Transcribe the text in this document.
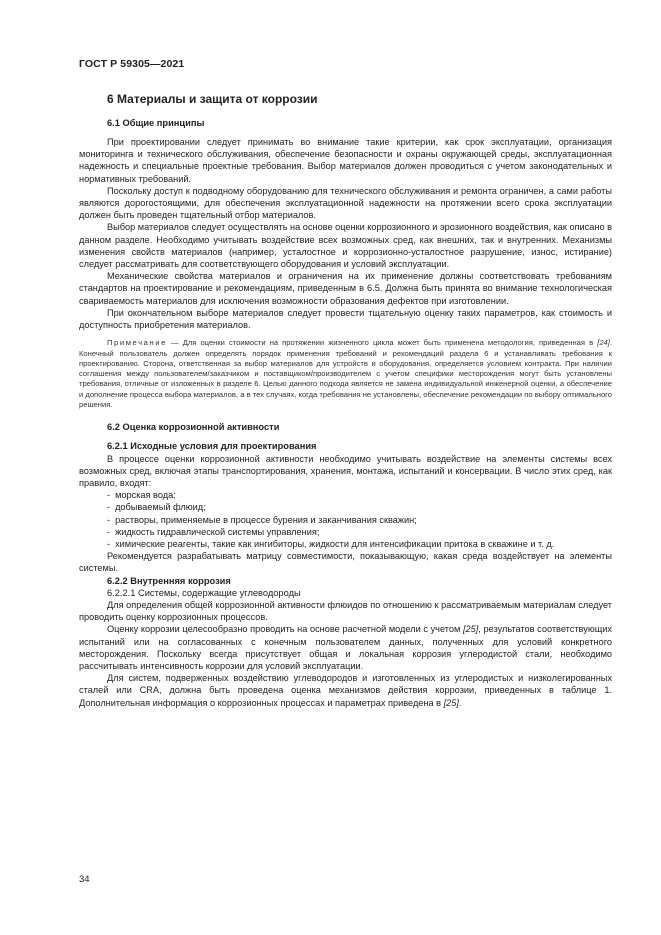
ГОСТ Р 59305—2021
6 Материалы и защита от коррозии
6.1 Общие принципы

При проектировании следует принимать во внимание такие критерии, как срок эксплуатации, организация мониторинга и технического обслуживания, обеспечение безопасности и охраны окружающей среды, эксплуатационная надежность и специальные проектные требования. Выбор материалов должен проводиться с учетом законодательных и нормативных требований.

Поскольку доступ к подводному оборудованию для технического обслуживания и ремонта ограничен, а сами работы являются дорогостоящими, для обеспечения эксплуатационной надежности на протяжении всего срока эксплуатации должен быть проведен тщательный отбор материалов.

Выбор материалов следует осуществлять на основе оценки коррозионного и эрозионного воздействия, как описано в данном разделе. Необходимо учитывать воздействие всех возможных сред, как внешних, так и внутренних. Механизмы изменения свойств материалов (например, усталостное и коррозионно-усталостное разрушение, износ, истирание) следует рассматривать для соответствующего оборудования и условий эксплуатации.

Механические свойства материалов и ограничения на их применение должны соответствовать требованиям стандартов на проектирование и рекомендациям, приведенным в 6.5. Должна быть принята во внимание технологическая свариваемость материалов для исключения возможности образования дефектов при изготовлении.

При окончательном выборе материалов следует провести тщательную оценку таких параметров, как стоимость и доступность приобретения материалов.

Примечание — Для оценки стоимости на протяжении жизненного цикла может быть применена методология, приведенная в [24]. Конечный пользователь должен определять порядок применения требований и рекомендаций раздела 6 и устанавливать требования к проектированию. Сторона, ответственная за выбор материалов для устройств и оборудования, определяется условием контракта. При наличии соглашения между пользователем/заказчиком и поставщиком/производителем с учетом специфики месторождения могут быть установлены требования, отличные от изложенных в разделе 6. Целью данного подхода является не замена индивидуальной инженерной оценки, а обеспечение и дополнение процесса выбора материалов, а в тех случаях, когда требования не установлены, обеспечение рекомендации по выбору оптимального решения.
6.2 Оценка коррозионной активности
6.2.1 Исходные условия для проектирования

В процессе оценки коррозионной активности необходимо учитывать воздействие на элементы системы всех возможных сред, включая этапы транспортирования, хранения, монтажа, испытаний и консервации. В число этих сред, как правило, входят:

- морская вода;
- добываемый флюид;
- растворы, применяемые в процессе бурения и заканчивания скважин;
- жидкость гидравлической системы управления;
- химические реагенты, такие как ингибиторы, жидкости для интенсификации притока в скважине и т. д.

Рекомендуется разрабатывать матрицу совместимости, показывающую, какая среда воздействует на элементы системы.

6.2.2 Внутренняя коррозия
6.2.2.1 Системы, содержащие углеводороды

Для определения общей коррозионной активности флюидов по отношению к рассматриваемым материалам следует проводить оценку коррозионных процессов.

Оценку коррозии целесообразно проводить на основе расчетной модели с учетом [25], результатов соответствующих испытаний или на согласованных с конечным пользователем данных, полученных для условий конкретного месторождения. Поскольку всегда присутствует общая и локальная коррозия углеродистой стали, необходимо рассчитывать интенсивность коррозии для условий эксплуатации.

Для систем, подверженных воздействию углеводородов и изготовленных из углеродистых и низколегированных сталей или CRA, должна быть проведена оценка механизмов действия коррозии, приведенных в таблице 1. Дополнительная информация о коррозионных процессах и параметрах приведена в [25].

34
